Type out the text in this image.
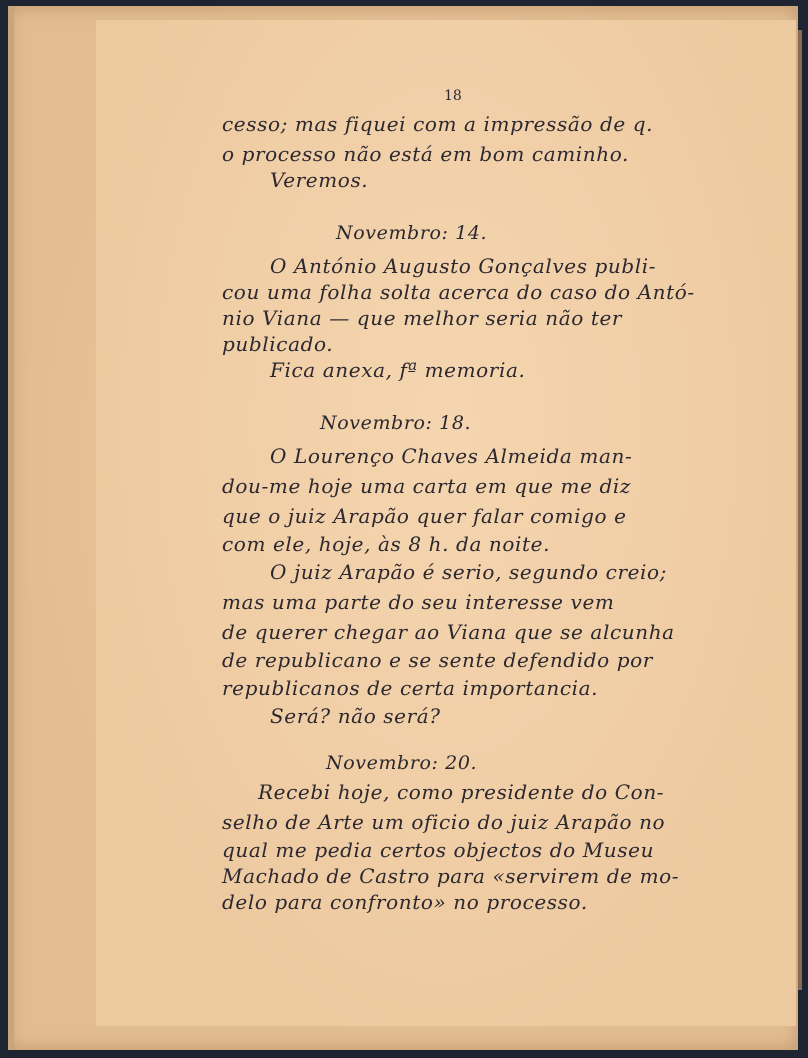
18
cesso; mas fiquei com a impressão de q.
o processo não está em bom caminho.
Veremos.
Novembro: 14.
O António Augusto Gonçalves publi-
cou uma folha solta acerca do caso do Antó-
nio Viana — que melhor seria não ter
publicado.
Fica anexa, fª memoria.
Novembro: 18.
O Lourenço Chaves Almeida man-
dou-me hoje uma carta em que me diz
que o juiz Arapão quer falar comigo e
com ele, hoje, às 8 h. da noite.
O juiz Arapão é serio, segundo creio;
mas uma parte do seu interesse vem
de querer chegar ao Viana que se alcunha
de republicano e se sente defendido por
republicanos de certa importancia.
Será? não será?
Novembro: 20.
Recebi hoje, como presidente do Con-
selho de Arte um oficio do juiz Arapão no
qual me pedia certos objectos do Museu
Machado de Castro para «servirem de mo-
delo para confronto» no processo.
